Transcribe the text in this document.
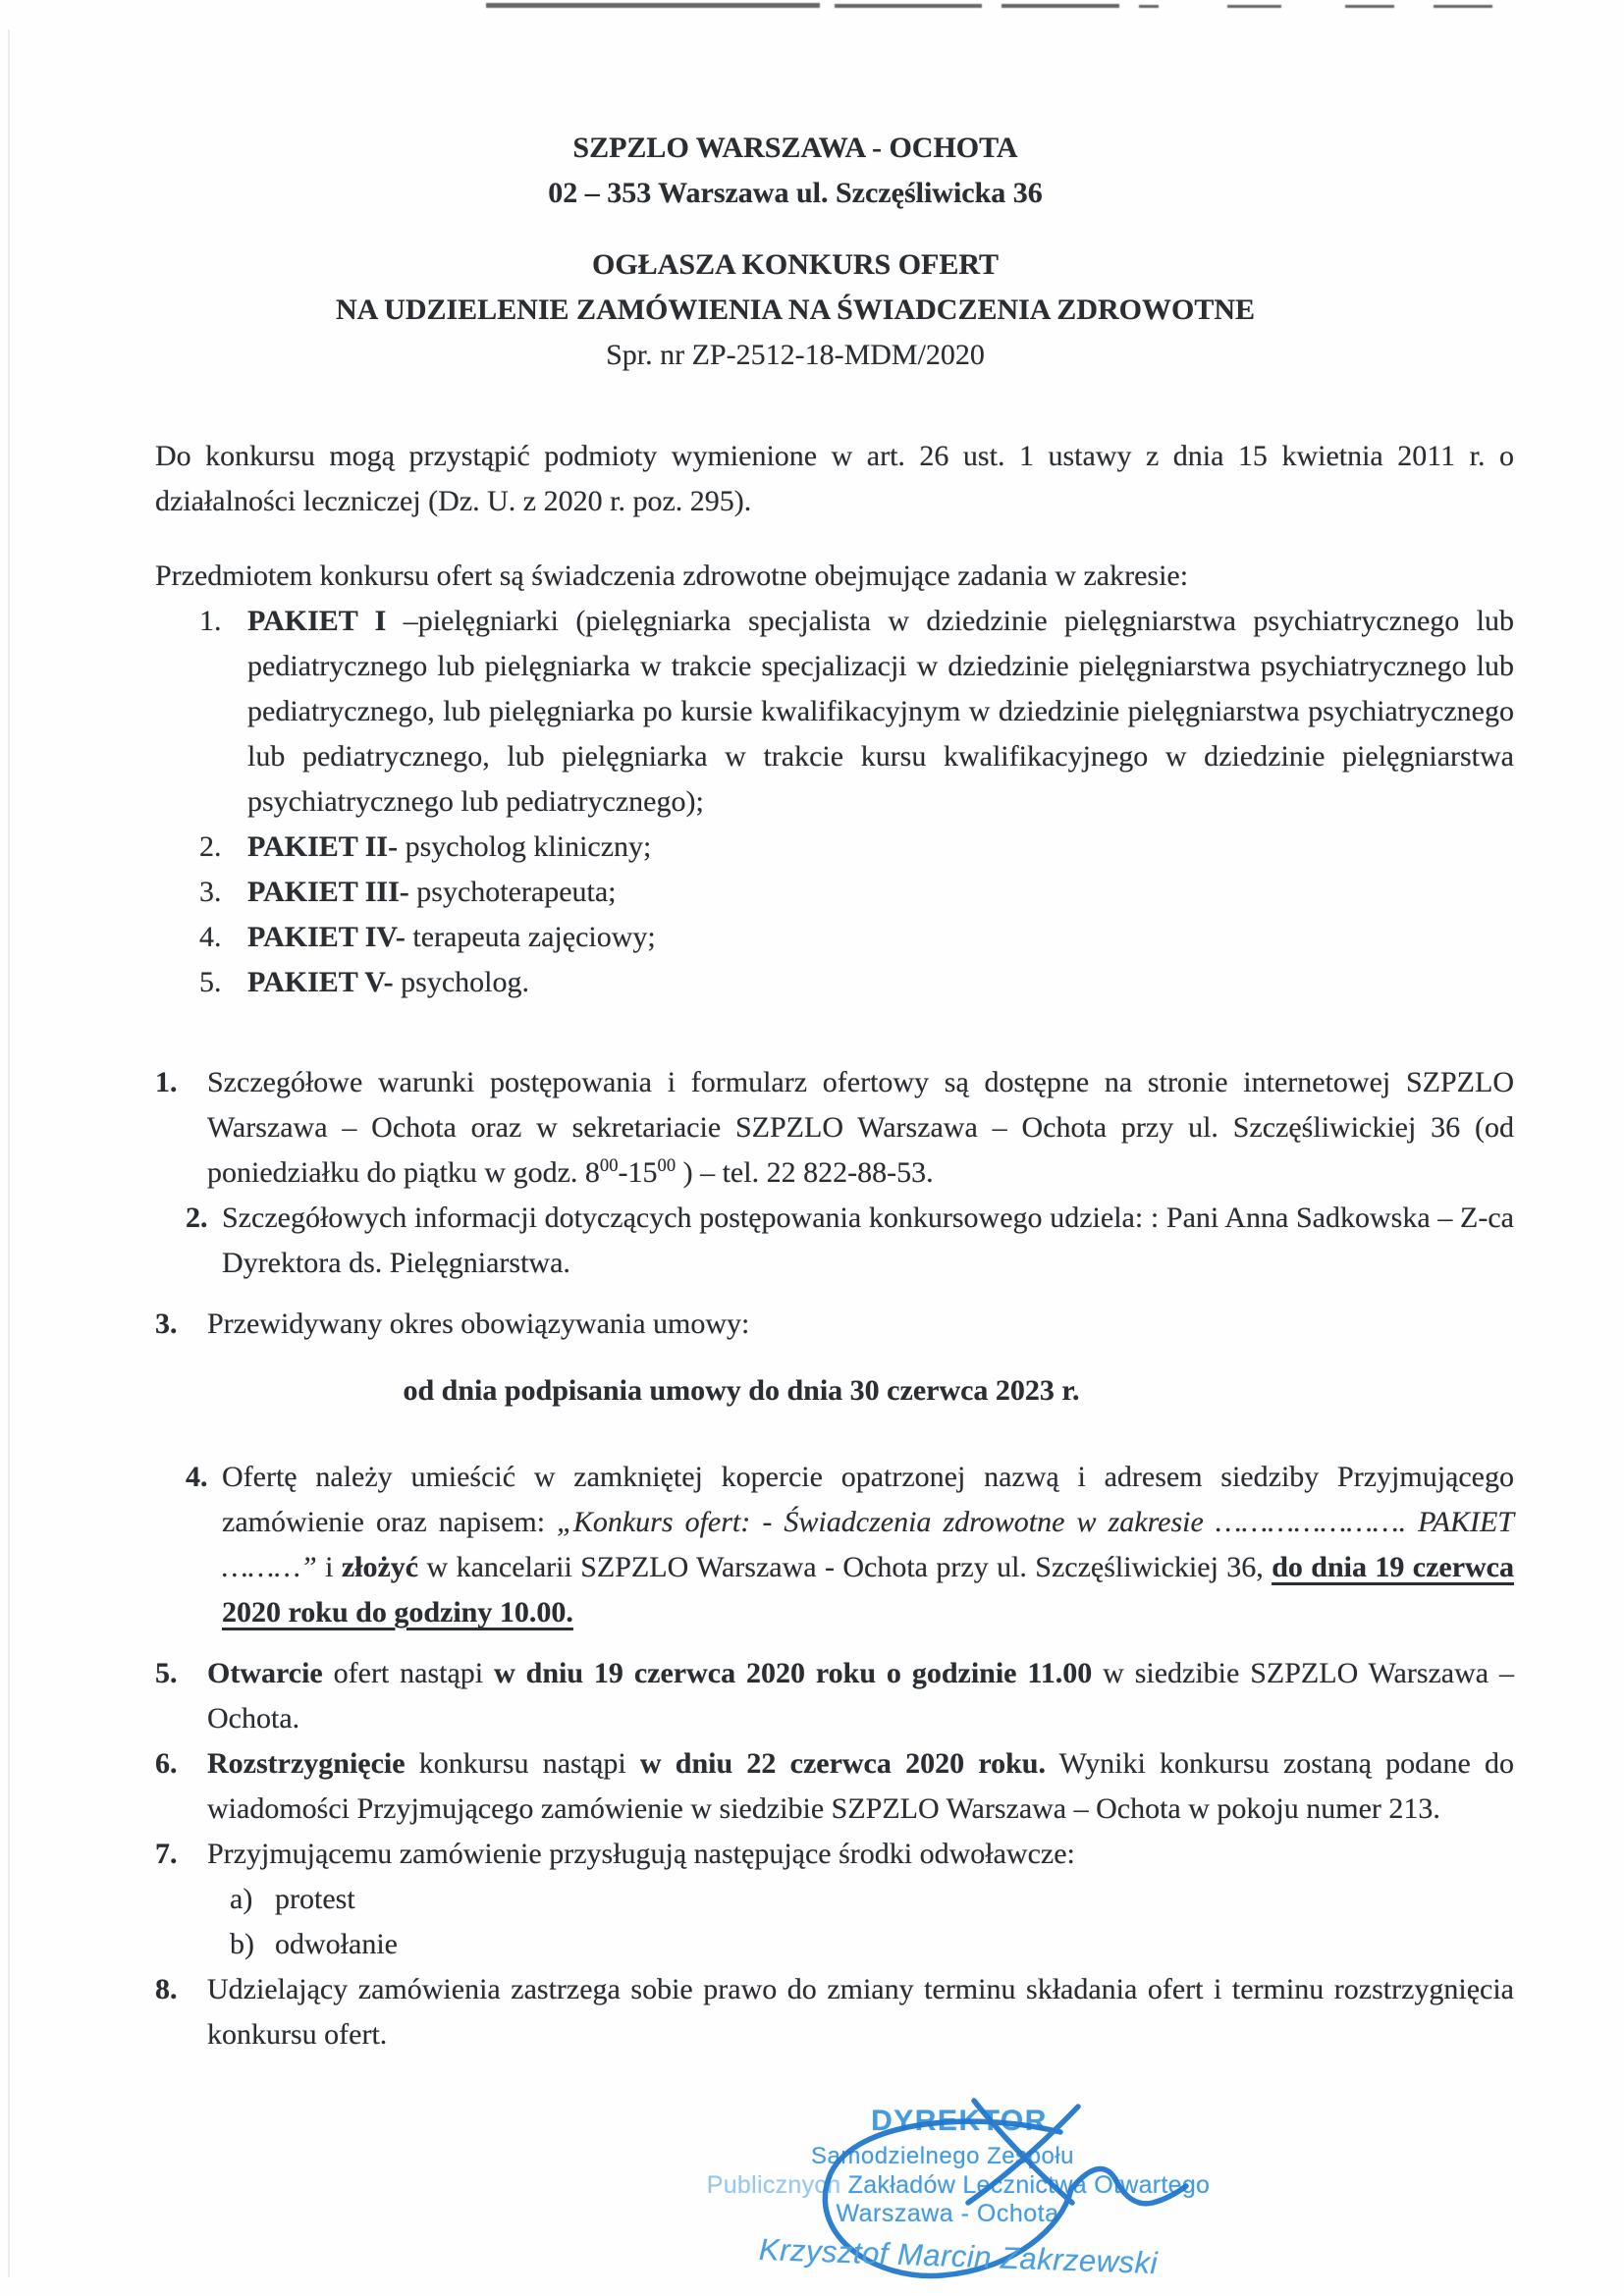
SZPZLO WARSZAWA - OCHOTA

02 – 353 Warszawa ul. Szczęśliwicka 36

OGŁASZA KONKURS OFERT

NA UDZIELENIE ZAMÓWIENIA NA ŚWIADCZENIA ZDROWOTNE

Spr. nr ZP-2512-18-MDM/2020

Do konkursu mogą przystąpić podmioty wymienione w art. 26 ust. 1 ustawy z dnia 15 kwietnia 2011 r. o działalności leczniczej (Dz. U. z 2020 r. poz. 295).

Przedmiotem konkursu ofert są świadczenia zdrowotne obejmujące zadania w zakresie:

1. PAKIET I –pielęgniarki (pielęgniarka specjalista w dziedzinie pielęgniarstwa psychiatrycznego lub pediatrycznego lub pielęgniarka w trakcie specjalizacji w dziedzinie pielęgniarstwa psychiatrycznego lub pediatrycznego, lub pielęgniarka po kursie kwalifikacyjnym w dziedzinie pielęgniarstwa psychiatrycznego lub pediatrycznego, lub pielęgniarka w trakcie kursu kwalifikacyjnego w dziedzinie pielęgniarstwa psychiatrycznego lub pediatrycznego);
2. PAKIET II- psycholog kliniczny;
3. PAKIET III- psychoterapeuta;
4. PAKIET IV- terapeuta zajęciowy;
5. PAKIET V- psycholog.
1.	Szczegółowe warunki postępowania i formularz ofertowy są dostępne na stronie internetowej SZPZLO Warszawa – Ochota oraz w sekretariacie SZPZLO Warszawa – Ochota przy ul. Szczęśliwickiej 36 (od poniedziałku do piątku w godz. $8^{00}-15^{00}$ ) – tel. 22 822-88-53.
2. Szczegółowych informacji dotyczących postępowania konkursowego udziela: : Pani Anna Sadkowska – Z-ca Dyrektora ds. Pielęgniarstwa.
3.	Przewidywany okres obowiązywania umowy:

od dnia podpisania umowy do dnia 30 czerwca 2023 r.

4. Ofertę należy umieścić w zamkniętej kopercie opatrzonej nazwą i adresem siedziby Przyjmującego zamówienie oraz napisem: „Konkurs ofert: - Świadczenia zdrowotne w zakresie …………………. PAKIET ………” i złożyć w kancelarii SZPZLO Warszawa - Ochota przy ul. Szczęśliwickiej 36, do dnia 19 czerwca 2020 roku do godziny 10.00.
5.	Otwarcie ofert nastąpi w dniu 19 czerwca 2020 roku o godzinie 11.00 w siedzibie SZPZLO Warszawa – Ochota.
6.	Rozstrzygnięcie konkursu nastąpi w dniu 22 czerwca 2020 roku. Wyniki konkursu zostaną podane do wiadomości Przyjmującego zamówienie w siedzibie SZPZLO Warszawa – Ochota w pokoju numer 213.
7.	Przyjmującemu zamówienie przysługują następujące środki odwoławcze:
a) protest
b) odwołanie
8.	Udzielający zamówienia zastrzega sobie prawo do zmiany terminu składania ofert i terminu rozstrzygnięcia konkursu ofert.
DYREKTOR
Samodzielnego Zespołu
Publicznych Zakładów Lecznictwa Otwartego
Warszawa - Ochota
Krzysztof Marcin Zakrzewski
